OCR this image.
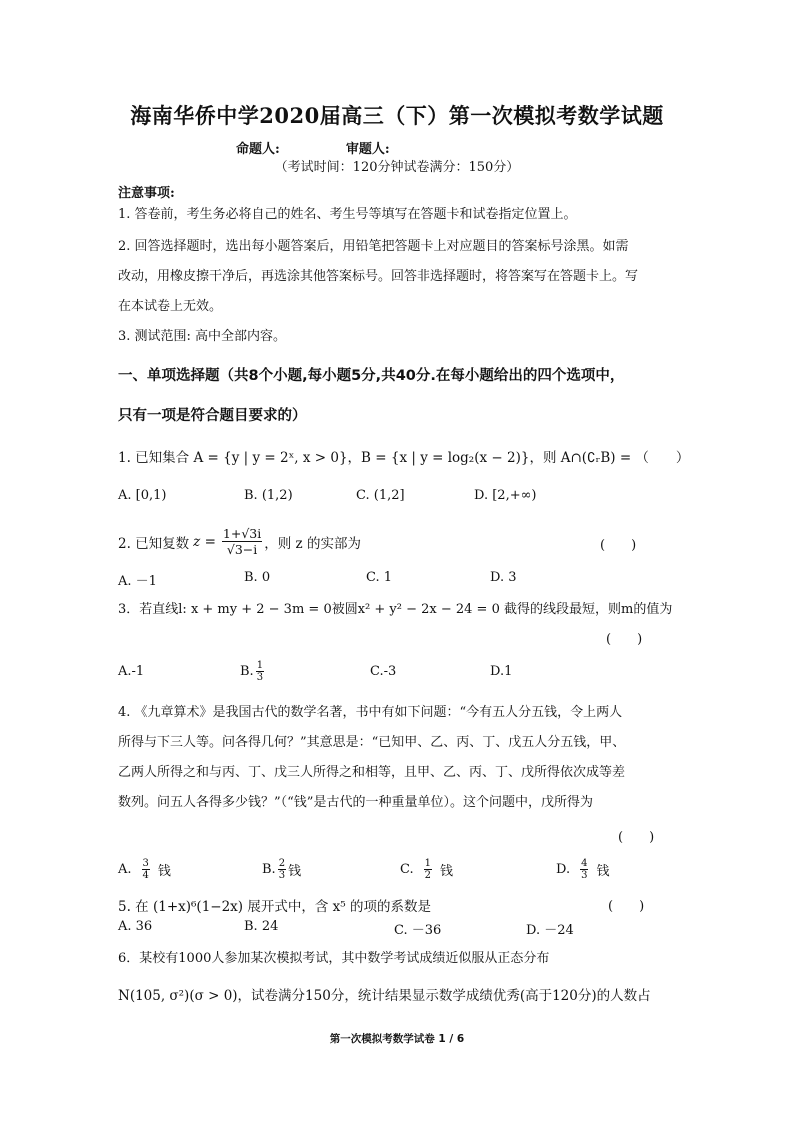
海南华侨中学2020届高三（下）第一次模拟考数学试题
命题人:	审题人:
（考试时间：120分钟试卷满分：150分）
注意事项:
1. 答卷前，考生务必将自己的姓名、考生号等填写在答题卡和试卷指定位置上。
2. 回答选择题时，选出每小题答案后，用铅笔把答题卡上对应题目的答案标号涂黑。如需
改动，用橡皮擦干净后，再选涂其他答案标号。回答非选择题时，将答案写在答题卡上。写
在本试卷上无效。
3. 测试范围: 高中全部内容。
一、单项选择题（共8个小题,每小题5分,共40分.在每小题给出的四个选项中，
只有一项是符合题目要求的）
1. 已知集合 A = {y | y = 2ˣ, x > 0}，B = {x | y = log₂(x − 2)}，则 A∩(∁ᵣB) = （　　）
A. [0,1)	B. (1,2)	C. (1,2]	D. [2,+∞)
2. 已知复数 $z = \frac{1+√3i}{√3-i}$ ，则 z 的实部为	(　　)
A. －1	B. 0	C. 1	D. 3
3．若直线l: x + my + 2 − 3m = 0被圆x² + y² − 2x − 24 = 0 截得的线段最短，则m的值为
(　　)
A.-1	B. $\frac{1}{3}$	C.-3	D.1
4. 《九章算术》是我国古代的数学名著，书中有如下问题：“今有五人分五钱，令上两人
所得与下三人等。问各得几何？”其意思是：“已知甲、乙、丙、丁、戊五人分五钱，甲、
乙两人所得之和与丙、丁、戊三人所得之和相等，且甲、乙、丙、丁、戊所得依次成等差
数列。问五人各得多少钱？”（“钱”是古代的一种重量单位）。这个问题中，戊所得为
(　　)
A. $\frac{3}{4}$ 钱	B. $\frac{2}{3}$ 钱	C. $\frac{1}{2}$ 钱	D. $\frac{4}{3}$ 钱
5. 在 (1+x)⁶(1−2x) 展开式中，含 x⁵ 的项的系数是	(　　)
A. 36	B. 24	C. －36	D. －24
6．某校有1000人参加某次模拟考试，其中数学考试成绩近似服从正态分布
N(105, σ²)(σ > 0)，试卷满分150分，统计结果显示数学成绩优秀(高于120分)的人数占
第一次模拟考数学试卷 1 / 6
